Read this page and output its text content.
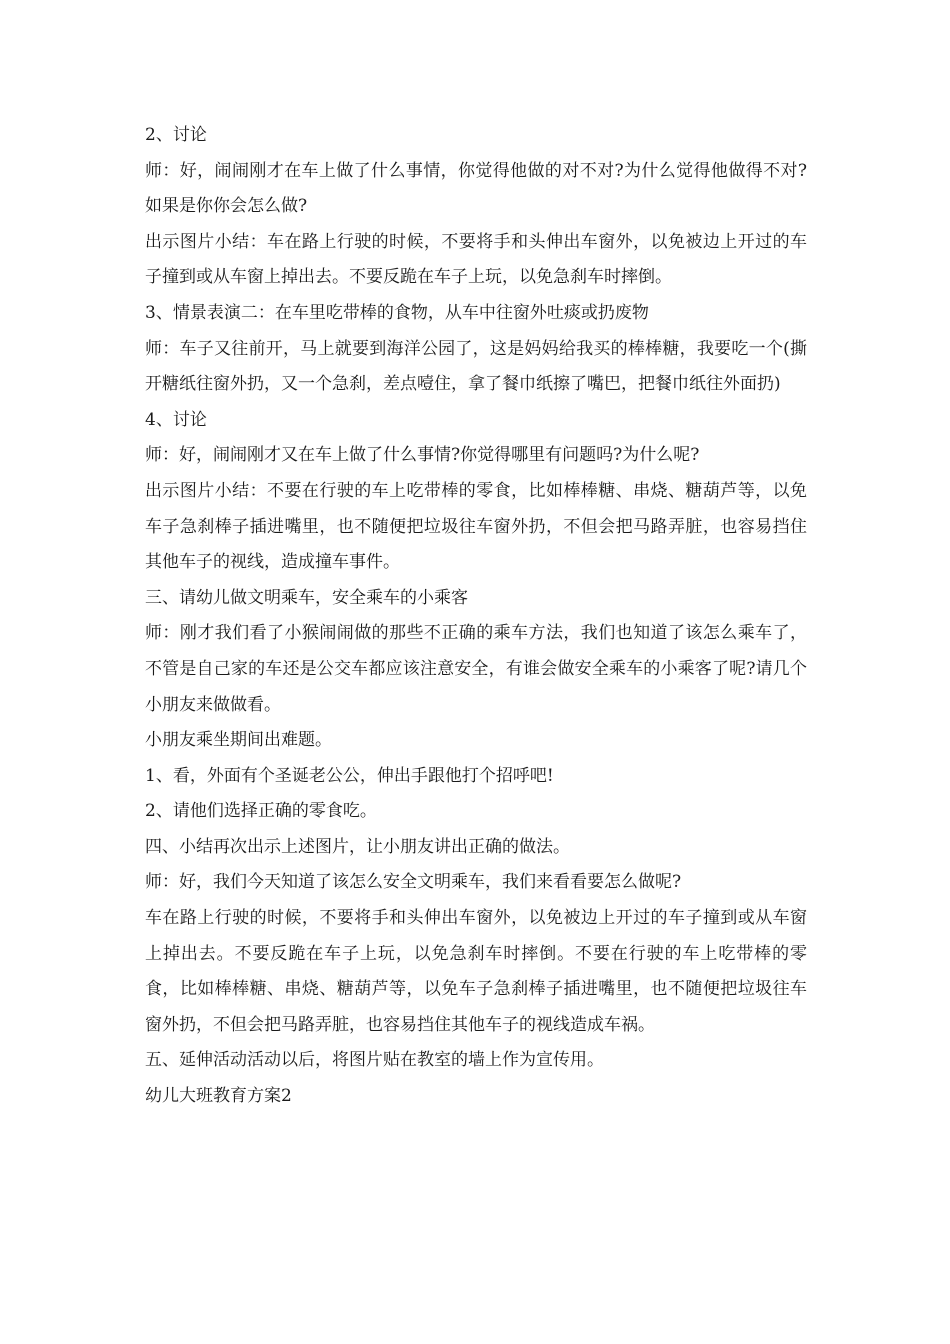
2、讨论

师：好，闹闹刚才在车上做了什么事情，你觉得他做的对不对?为什么觉得他做得不对?如果是你你会怎么做?

出示图片小结：车在路上行驶的时候，不要将手和头伸出车窗外，以免被边上开过的车子撞到或从车窗上掉出去。不要反跪在车子上玩，以免急刹车时摔倒。

3、情景表演二：在车里吃带棒的食物，从车中往窗外吐痰或扔废物

师：车子又往前开，马上就要到海洋公园了，这是妈妈给我买的棒棒糖，我要吃一个(撕开糖纸往窗外扔，又一个急刹，差点噎住，拿了餐巾纸擦了嘴巴，把餐巾纸往外面扔)

4、讨论

师：好，闹闹刚才又在车上做了什么事情?你觉得哪里有问题吗?为什么呢?

出示图片小结：不要在行驶的车上吃带棒的零食，比如棒棒糖、串烧、糖葫芦等，以免车子急刹棒子插进嘴里，也不随便把垃圾往车窗外扔，不但会把马路弄脏，也容易挡住其他车子的视线，造成撞车事件。

三、请幼儿做文明乘车，安全乘车的小乘客

师：刚才我们看了小猴闹闹做的那些不正确的乘车方法，我们也知道了该怎么乘车了，不管是自己家的车还是公交车都应该注意安全，有谁会做安全乘车的小乘客了呢?请几个小朋友来做做看。

小朋友乘坐期间出难题。

1、看，外面有个圣诞老公公，伸出手跟他打个招呼吧!

2、请他们选择正确的零食吃。

四、小结再次出示上述图片，让小朋友讲出正确的做法。

师：好，我们今天知道了该怎么安全文明乘车，我们来看看要怎么做呢?

车在路上行驶的时候，不要将手和头伸出车窗外，以免被边上开过的车子撞到或从车窗上掉出去。不要反跪在车子上玩，以免急刹车时摔倒。不要在行驶的车上吃带棒的零食，比如棒棒糖、串烧、糖葫芦等，以免车子急刹棒子插进嘴里，也不随便把垃圾往车窗外扔，不但会把马路弄脏，也容易挡住其他车子的视线造成车祸。

五、延伸活动活动以后，将图片贴在教室的墙上作为宣传用。

幼儿大班教育方案2
